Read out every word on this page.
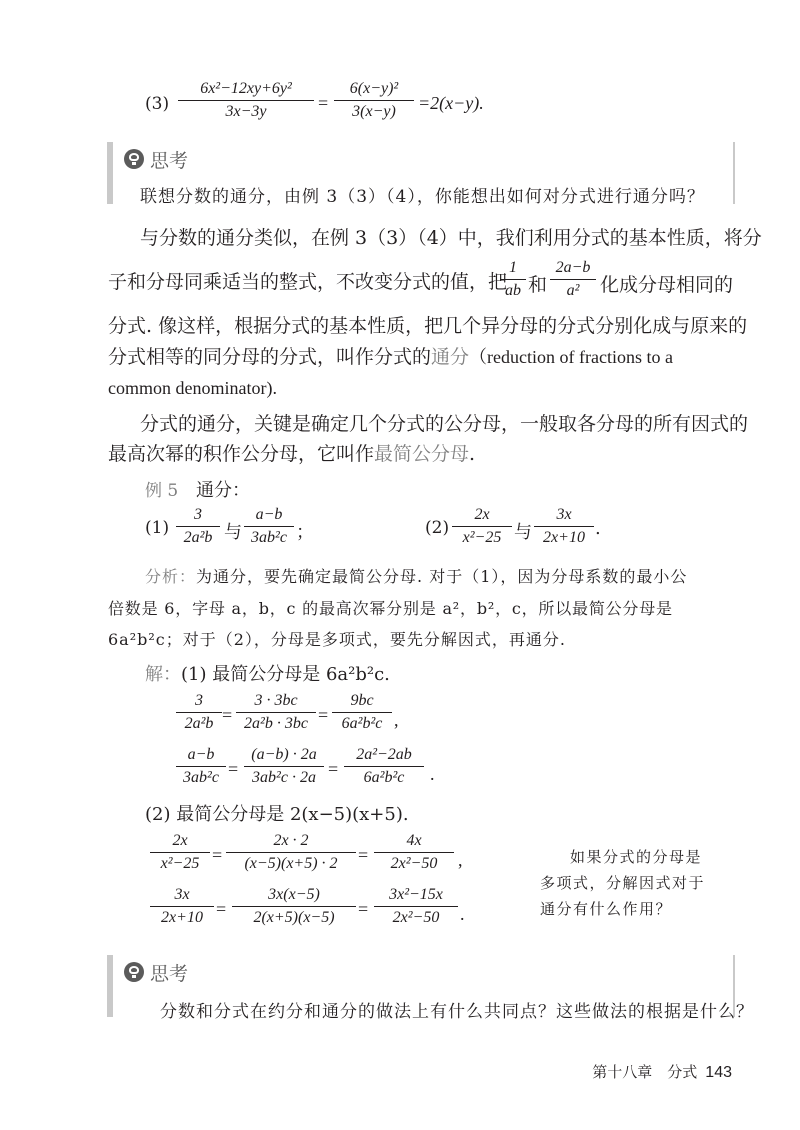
(3)
6x²−12xy+6y²
3x−3y	=
6(x−y)²
3(x−y)	=2(x−y).
思考
联想分数的通分，由例 3（3）（4），你能想出如何对分式进行通分吗？
与分数的通分类似，在例 3（3）（4）中，我们利用分式的基本性质，将分
子和分母同乘适当的整式，不改变分式的值，把
1
ab 和
2a−b
a²	化成分母相同的
分式. 像这样，根据分式的基本性质，把几个异分母的分式分别化成与原来的
分式相等的同分母的分式，叫作分式的通分（reduction of fractions to a
common denominator).
分式的通分，关键是确定几个分式的公分母，一般取各分母的所有因式的
最高次幂的积作公分母，它叫作最简公分母.
例 5 通分：
(1)
3
2a²b 与
a−b
3ab²c ；	(2)
2x
x²−25 与
3x
2x+10 .
分析：为通分，要先确定最简公分母. 对于（1），因为分母系数的最小公
倍数是 6，字母 a，b，c 的最高次幂分别是 a²，b²，c，所以最简公分母是
6a²b²c；对于（2），分母是多项式，要先分解因式，再通分.
解：(1) 最简公分母是 6a²b²c.
3
2a²b =
3 · 3bc
2a²b · 3bc =
9bc
6a²b²c ,
a−b
3ab²c =
(a−b) · 2a
3ab²c · 2a =
2a²−2ab
6a²b²c	.
(2) 最简公分母是 2(x−5)(x+5).
2x
x²−25 =
2x · 2
(x−5)(x+5) · 2	=
4x
2x²−50	,
3x
2x+10 =
3x(x−5)
2(x+5)(x−5)	=
3x²−15x
2x²−50	.
如果分式的分母是
多项式，分解因式对于
通分有什么作用？
思考
分数和分式在约分和通分的做法上有什么共同点？这些做法的根据是什么？
第十八章　分式 143
